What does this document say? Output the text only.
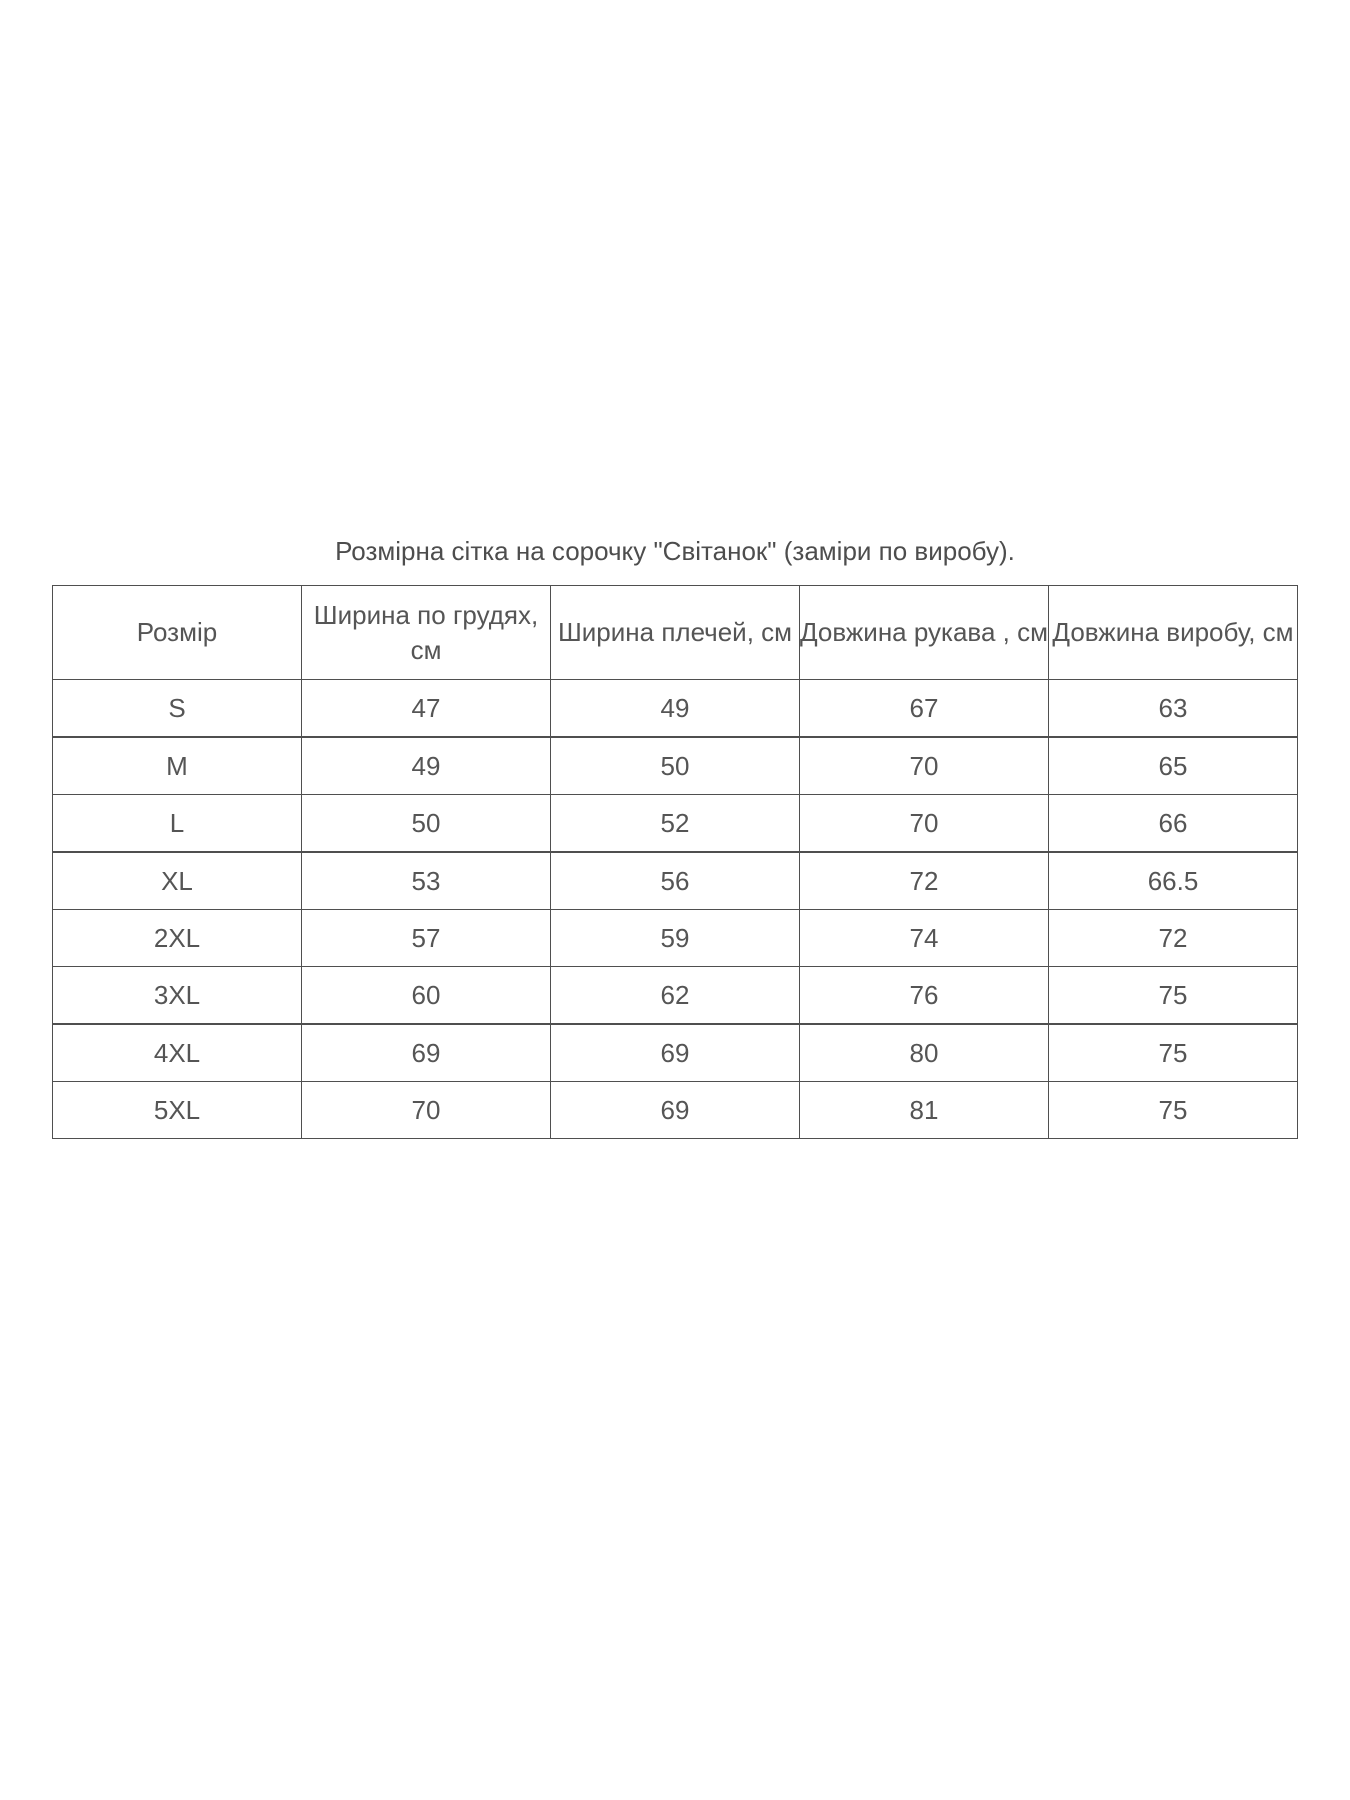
Розмірна сітка на сорочку "Світанок" (заміри по виробу).
Розмір	Ширина по грудях, см	Ширина плечей, см	Довжина рукава , см	Довжина виробу, см
S	47	49	67	63
M	49	50	70	65
L	50	52	70	66
XL	53	56	72	66.5
2XL	57	59	74	72
3XL	60	62	76	75
4XL	69	69	80	75
5XL	70	69	81	75
